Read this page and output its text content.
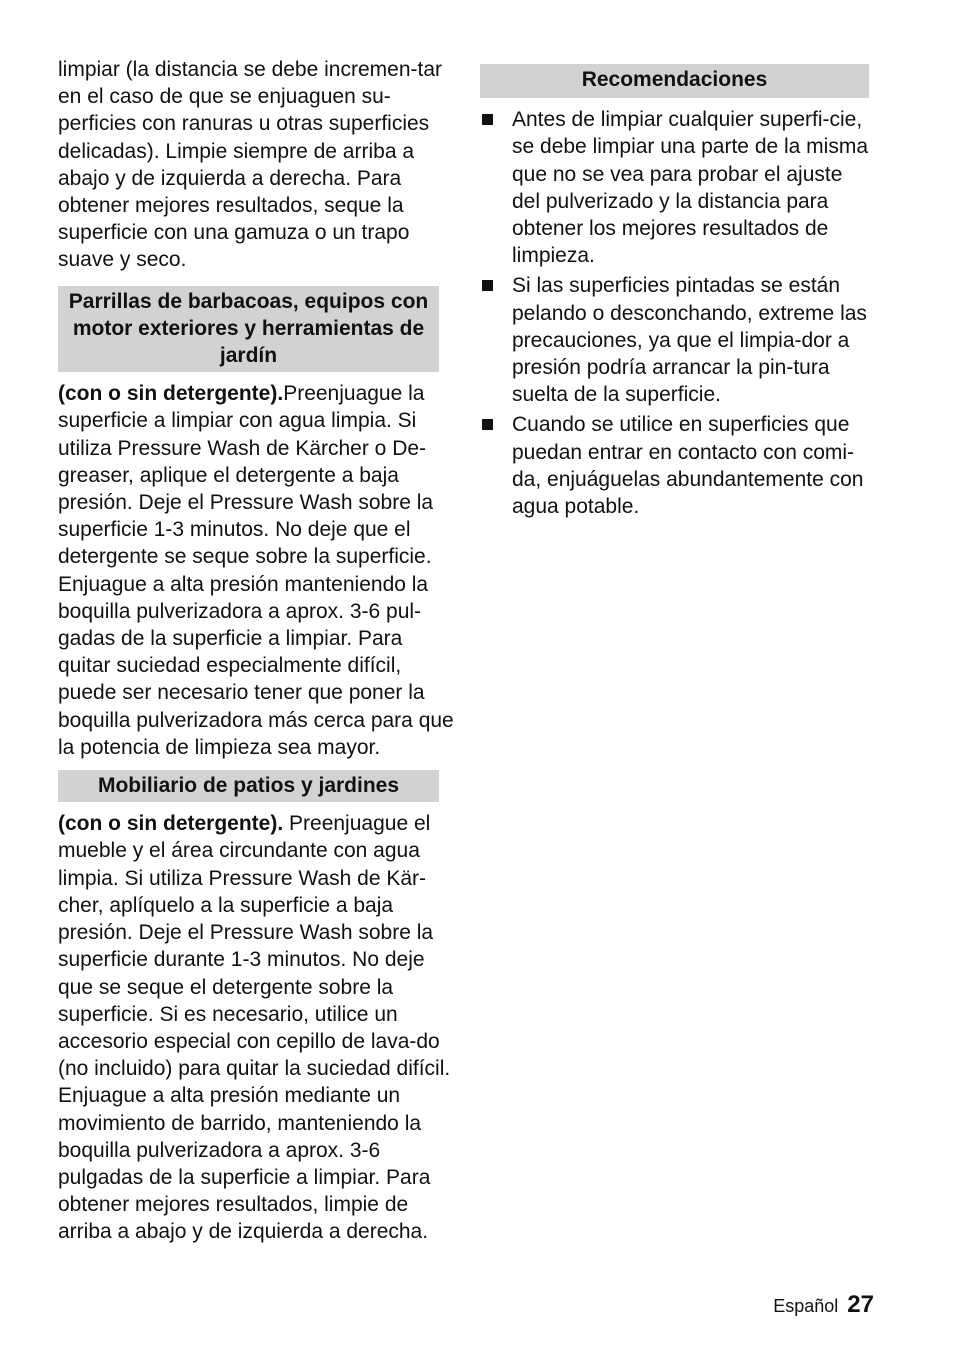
limpiar (la distancia se debe incremen-tar en el caso de que se enjuaguen su-perficies con ranuras u otras superficies delicadas). Limpie siempre de arriba a abajo y de izquierda a derecha. Para obtener mejores resultados, seque la superficie con una gamuza o un trapo suave y seco.

Parrillas de barbacoas, equipos con motor exteriores y herramientas de jardín

(con o sin detergente).Preenjuague la superficie a limpiar con agua limpia. Si utiliza Pressure Wash de Kärcher o De-greaser, aplique el detergente a baja presión. Deje el Pressure Wash sobre la superficie 1-3 minutos. No deje que el detergente se seque sobre la superficie. Enjuague a alta presión manteniendo la boquilla pulverizadora a aprox. 3-6 pul-gadas de la superficie a limpiar. Para quitar suciedad especialmente difícil, puede ser necesario tener que poner la boquilla pulverizadora más cerca para que la potencia de limpieza sea mayor.

Mobiliario de patios y jardines

(con o sin detergente). Preenjuague el mueble y el área circundante con agua limpia. Si utiliza Pressure Wash de Kär-cher, aplíquelo a la superficie a baja presión. Deje el Pressure Wash sobre la superficie durante 1-3 minutos. No deje que se seque el detergente sobre la superficie. Si es necesario, utilice un accesorio especial con cepillo de lava-do (no incluido) para quitar la suciedad difícil. Enjuague a alta presión mediante un movimiento de barrido, manteniendo la boquilla pulverizadora a aprox. 3-6 pulgadas de la superficie a limpiar. Para obtener mejores resultados, limpie de arriba a abajo y de izquierda a derecha.

Recomendaciones
Antes de limpiar cualquier superfi-cie, se debe limpiar una parte de la misma que no se vea para probar el ajuste del pulverizado y la distancia para obtener los mejores resultados de limpieza.
Si las superficies pintadas se están pelando o desconchando, extreme las precauciones, ya que el limpia-dor a presión podría arrancar la pin-tura suelta de la superficie.
Cuando se utilice en superficies que puedan entrar en contacto con comi-da, enjuáguelas abundantemente con agua potable.
Español 27
